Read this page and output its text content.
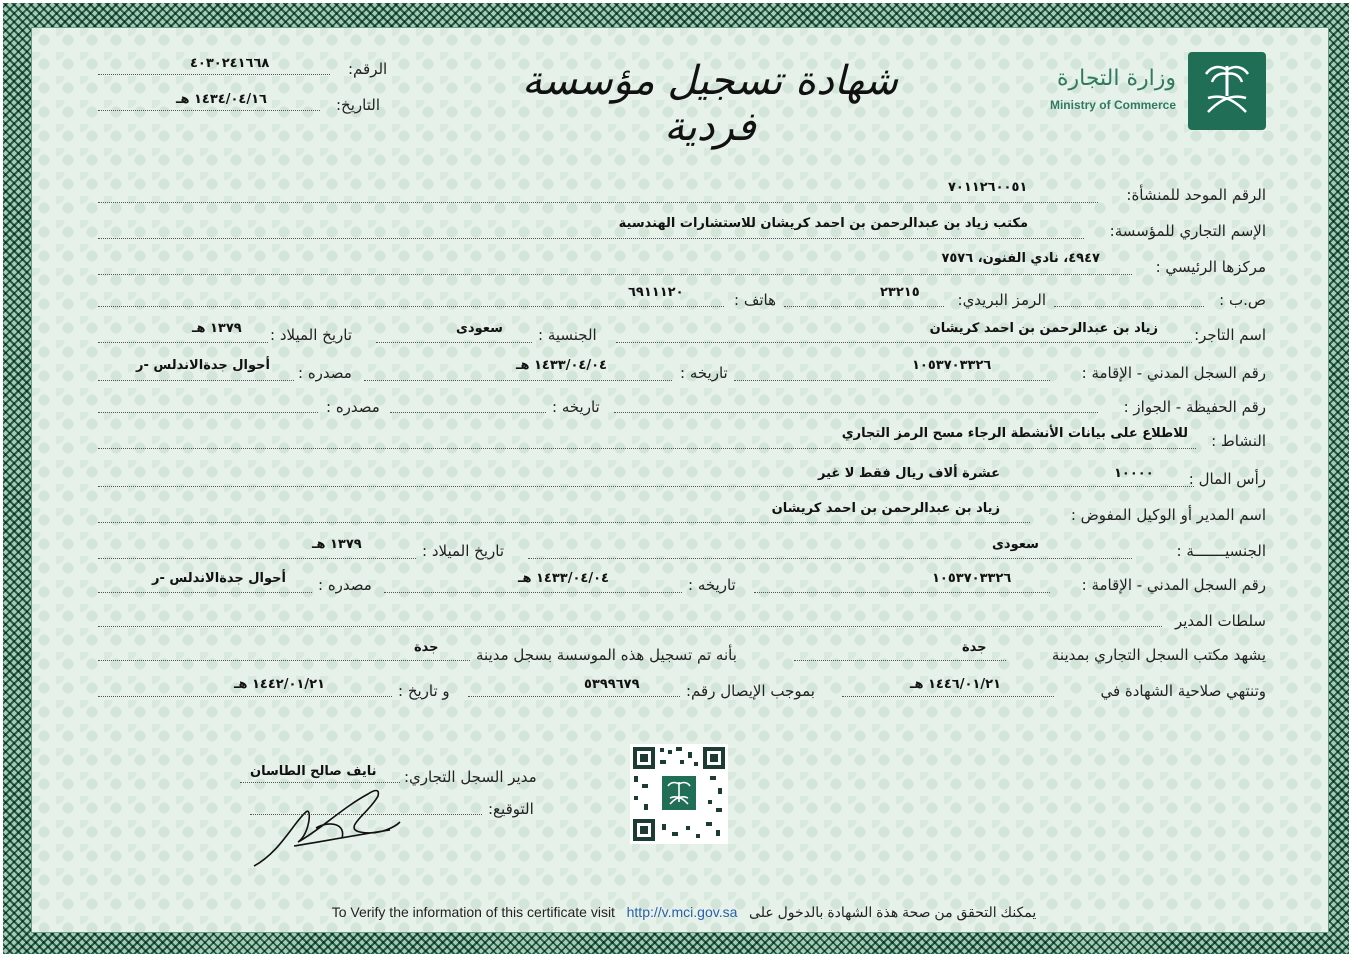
الرقم:
٤٠٣٠٢٤١٦٦٨
التاريخ:
١٤٣٤/٠٤/١٦ هـ	شهادة تسجيل مؤسسة فردية
وزارة التجارة
Ministry of Commerce
الرقم الموحد للمنشأة:
٧٠١١٢٦٠٠٥١
الإسم التجاري للمؤسسة:
مكتب زياد بن عبدالرحمن بن احمد كريشان للاستشارات الهندسية
مركزها الرئيسي :
٤٩٤٧، نادي الفنون، ٧٥٧٦
ص.ب :
الرمز البريدي:
٢٣٢١٥
هاتف :
٦٩١١١٢٠
اسم التاجر:
زياد بن عبدالرحمن بن احمد كريشان
الجنسية :
سعودى
تاريخ الميلاد :
١٣٧٩ هـ
رقم السجل المدني - الإقامة :
١٠٥٣٧٠٣٣٢٦
تاريخه :
١٤٣٣/٠٤/٠٤ هـ
مصدره :
أحوال جدةالاندلس -ر
رقم الحفيظة - الجواز :
تاريخه :
مصدره :
النشاط :
للاطلاع على بيانات الأنشطة الرجاء مسح الرمز التجاري
رأس المال :
١٠٠٠٠
عشرة ألاف ريال فقط لا غير
اسم المدير أو الوكيل المفوض :
زياد بن عبدالرحمن بن احمد كريشان
الجنسيـــــــة :
سعودى
تاريخ الميلاد :
١٣٧٩ هـ
رقم السجل المدني - الإقامة :
١٠٥٣٧٠٣٣٢٦
تاريخه :
١٤٣٣/٠٤/٠٤ هـ
مصدره :
أحوال جدةالاندلس -ر
سلطات المدير
يشهد مكتب السجل التجاري بمدينة
جدة
بأنه تم تسجيل هذه الموسسة بسجل مدينة
جدة
وتنتهي صلاحية الشهادة في
١٤٤٦/٠١/٢١ هـ
بموجب الإيصال رقم:
٥٣٩٩٦٧٩
و تاريخ :
١٤٤٢/٠١/٢١ هـ
مدير السجل التجاري:
نايف صالح الطاسان
التوقيع:
To Verify the information of this certificate visit http://v.mci.gov.sa يمكنك التحقق من صحة هذة الشهادة بالدخول على
